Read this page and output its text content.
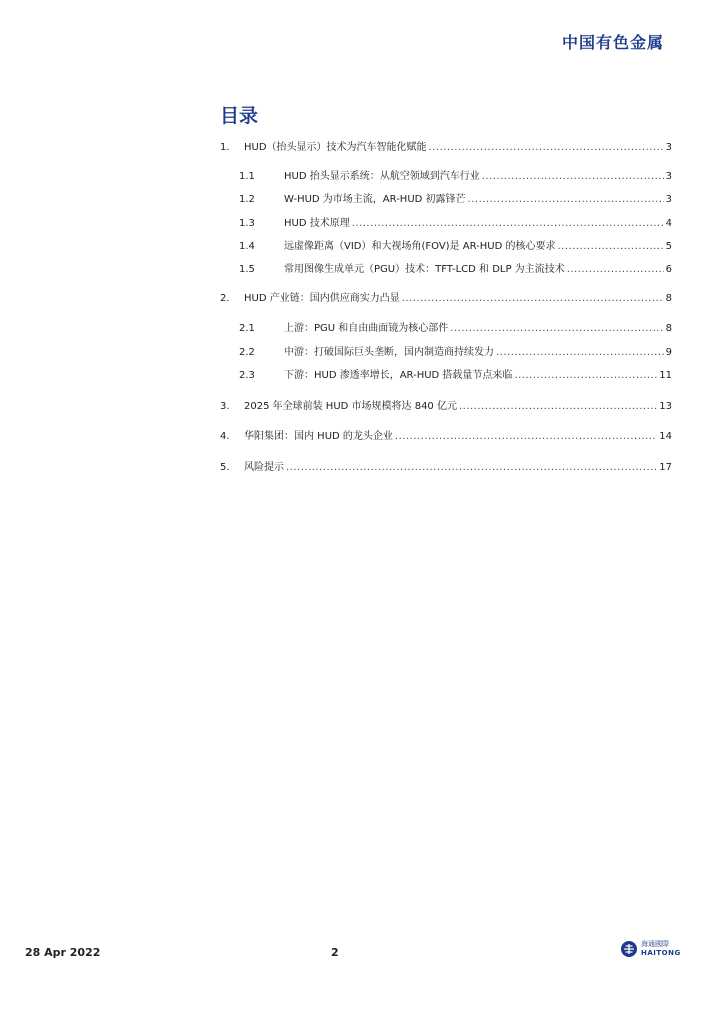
中国有色金属
目录
1.	HUD（抬头显示）技术为汽车智能化赋能 .....	3
1.1	HUD 抬头显示系统：从航空领域到汽车行业 .....	3
1.2	W-HUD 为市场主流，AR-HUD 初露锋芒 .....	3
1.3	HUD 技术原理 .....	4
1.4	远虚像距离（VID）和大视场角(FOV)是 AR-HUD 的核心要求 .....	5
1.5	常用图像生成单元（PGU）技术：TFT-LCD 和 DLP 为主流技术 .....	6
2.	HUD 产业链：国内供应商实力凸显 .....	8
2.1	上游：PGU 和自由曲面镜为核心部件 .....	8
2.2	中游：打破国际巨头垄断，国内制造商持续发力 .....	9
2.3	下游：HUD 渗透率增长，AR-HUD 搭载量节点来临 .....	11
3.	2025 年全球前装 HUD 市场规模将达 840 亿元 .....	13
4.	华阳集团：国内 HUD 的龙头企业 .....	14
5.	风险提示 .....	17
28 Apr 2022	2
海通國際
HAITONG
